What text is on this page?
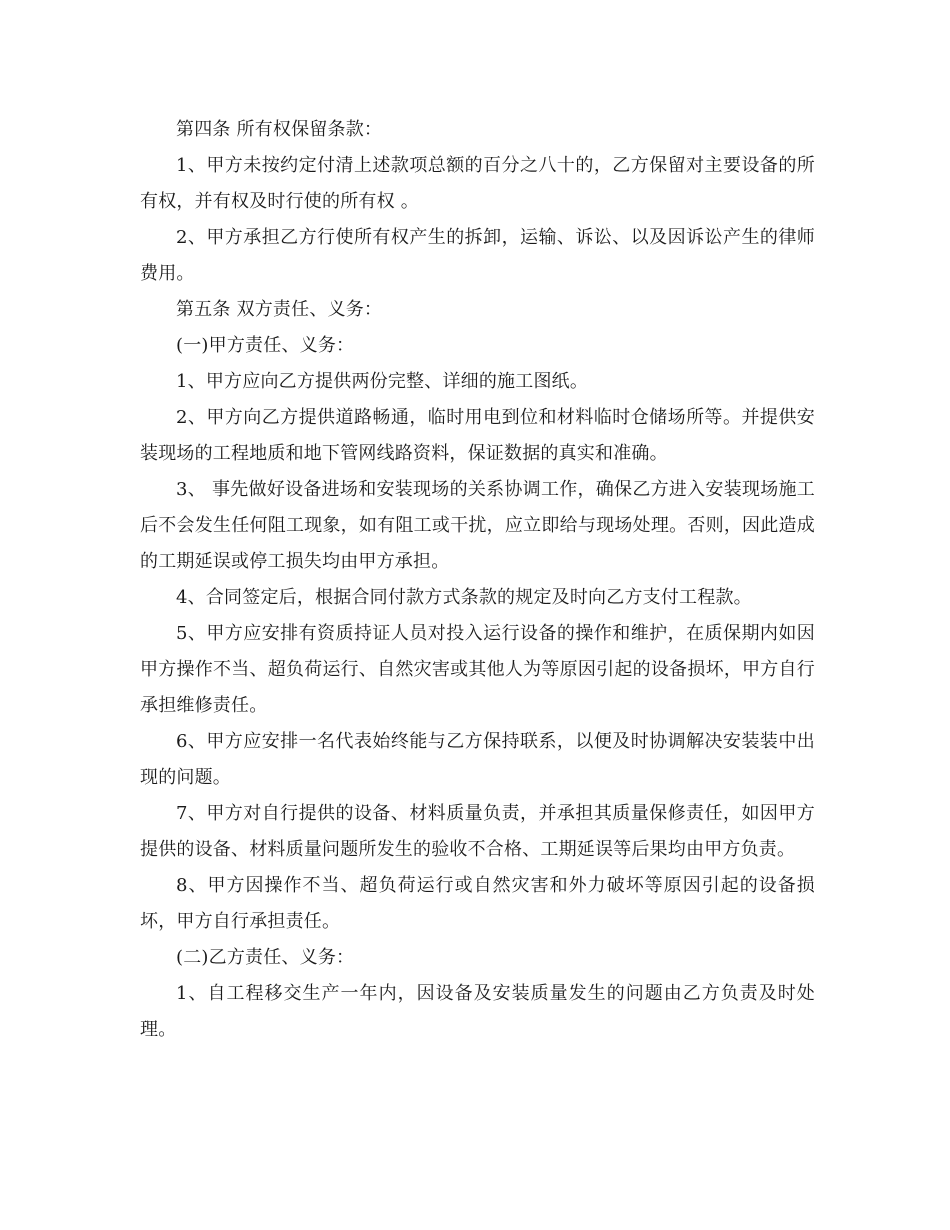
第四条 所有权保留条款：

1、甲方未按约定付清上述款项总额的百分之八十的，乙方保留对主要设备的所有权，并有权及时行使的所有权 。

2、甲方承担乙方行使所有权产生的拆卸，运输、诉讼、以及因诉讼产生的律师费用。

第五条 双方责任、义务：

(一)甲方责任、义务：

1、甲方应向乙方提供两份完整、详细的施工图纸。

2、甲方向乙方提供道路畅通，临时用电到位和材料临时仓储场所等。并提供安装现场的工程地质和地下管网线路资料，保证数据的真实和准确。

3、 事先做好设备进场和安装现场的关系协调工作，确保乙方进入安装现场施工后不会发生任何阻工现象，如有阻工或干扰，应立即给与现场处理。否则，因此造成的工期延误或停工损失均由甲方承担。

4、合同签定后，根据合同付款方式条款的规定及时向乙方支付工程款。

5、甲方应安排有资质持证人员对投入运行设备的操作和维护，在质保期内如因甲方操作不当、超负荷运行、自然灾害或其他人为等原因引起的设备损坏，甲方自行承担维修责任。

6、甲方应安排一名代表始终能与乙方保持联系，以便及时协调解决安装装中出现的问题。

7、甲方对自行提供的设备、材料质量负责，并承担其质量保修责任，如因甲方提供的设备、材料质量问题所发生的验收不合格、工期延误等后果均由甲方负责。

8、甲方因操作不当、超负荷运行或自然灾害和外力破坏等原因引起的设备损坏，甲方自行承担责任。

(二)乙方责任、义务：

1、自工程移交生产一年内，因设备及安装质量发生的问题由乙方负责及时处理。
